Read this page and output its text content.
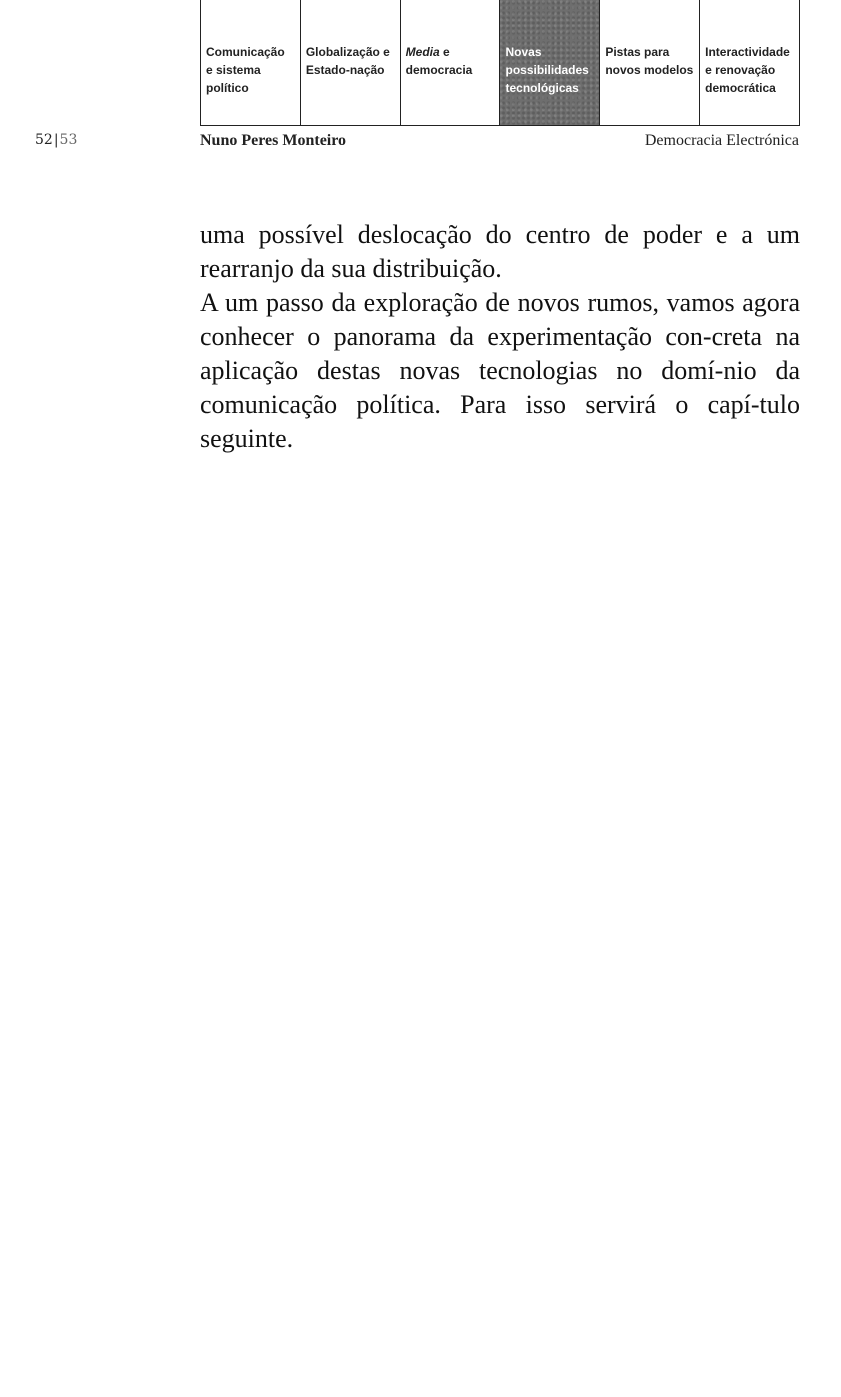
Comunicação
e sistema
político
Globalização e
Estado-nação
Media e
democracia
Novas
possibilidades
tecnológicas
Pistas para
novos modelos
Interactividade
e renovação
democrática
52|53	Nuno Peres Monteiro	Democracia Electrónica

uma possível deslocação do centro de poder e a um rearranjo da sua distribuição.

A um passo da exploração de novos rumos, vamos agora conhecer o panorama da experimentação con-creta na aplicação destas novas tecnologias no domí-nio da comunicação política. Para isso servirá o capí-tulo seguinte.
